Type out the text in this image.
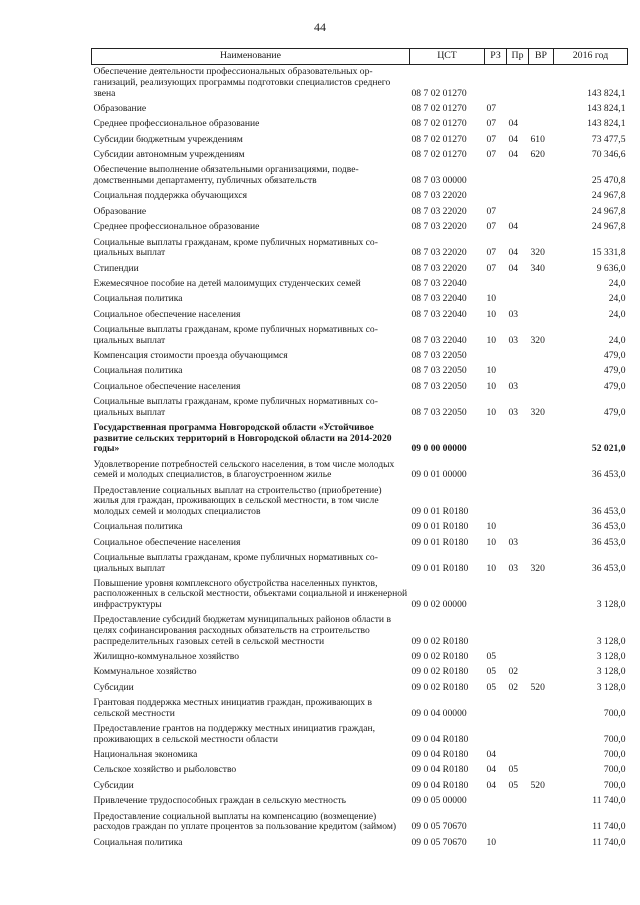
44
Наименование	ЦСТ	РЗ	Пр	ВР	2016 год
Обеспечение деятельности профессиональных образовательных организаций, реализующих программы подготовки специалистов среднего звена	08 7 02 01270				143 824,1
Образование	08 7 02 01270	07			143 824,1
Среднее профессиональное образование	08 7 02 01270	07	04		143 824,1
Субсидии бюджетным учреждениям	08 7 02 01270	07	04	610	73 477,5
Субсидии автономным учреждениям	08 7 02 01270	07	04	620	70 346,6
Обеспечение выполнение обязательными организациями, подведомственными департаменту, публичных обязательств	08 7 03 00000				25 470,8
Социальная поддержка обучающихся	08 7 03 22020				24 967,8
Образование	08 7 03 22020	07			24 967,8
Среднее профессиональное образование	08 7 03 22020	07	04		24 967,8
Социальные выплаты гражданам, кроме публичных нормативных социальных выплат	08 7 03 22020	07	04	320	15 331,8
Стипендии	08 7 03 22020	07	04	340	9 636,0
Ежемесячное пособие на детей малоимущих студенческих семей	08 7 03 22040				24,0
Социальная политика	08 7 03 22040	10			24,0
Социальное обеспечение населения	08 7 03 22040	10	03		24,0
Социальные выплаты гражданам, кроме публичных нормативных социальных выплат	08 7 03 22040	10	03	320	24,0
Компенсация стоимости проезда обучающимся	08 7 03 22050				479,0
Социальная политика	08 7 03 22050	10			479,0
Социальное обеспечение населения	08 7 03 22050	10	03		479,0
Социальные выплаты гражданам, кроме публичных нормативных социальных выплат	08 7 03 22050	10	03	320	479,0
Государственная программа Новгородской области «Устойчивое развитие сельских территорий в Новгородской области на 2014-2020 годы»	09 0 00 00000				52 021,0
Удовлетворение потребностей сельского населения, в том числе молодых семей и молодых специалистов, в благоустроенном жилье	09 0 01 00000				36 453,0
Предоставление социальных выплат на строительство (приобретение) жилья для граждан, проживающих в сельской местности, в том числе молодых семей и молодых специалистов	09 0 01 R0180				36 453,0
Социальная политика	09 0 01 R0180	10			36 453,0
Социальное обеспечение населения	09 0 01 R0180	10	03		36 453,0
Социальные выплаты гражданам, кроме публичных нормативных социальных выплат	09 0 01 R0180	10	03	320	36 453,0
Повышение уровня комплексного обустройства населенных пунктов, расположенных в сельской местности, объектами социальной и инженерной инфраструктуры	09 0 02 00000				3 128,0
Предоставление субсидий бюджетам муниципальных районов области в целях софинансирования расходных обязательств на строительство распределительных газовых сетей в сельской местности	09 0 02 R0180				3 128,0
Жилищно-коммунальное хозяйство	09 0 02 R0180	05			3 128,0
Коммунальное хозяйство	09 0 02 R0180	05	02		3 128,0
Субсидии	09 0 02 R0180	05	02	520	3 128,0
Грантовая поддержка местных инициатив граждан, проживающих в сельской местности	09 0 04 00000				700,0
Предоставление грантов на поддержку местных инициатив граждан, проживающих в сельской местности области	09 0 04 R0180				700,0
Национальная экономика	09 0 04 R0180	04			700,0
Сельское хозяйство и рыболовство	09 0 04 R0180	04	05		700,0
Субсидии	09 0 04 R0180	04	05	520	700,0
Привлечение трудоспособных граждан в сельскую местность	09 0 05 00000				11 740,0
Предоставление социальной выплаты на компенсацию (возмещение) расходов граждан по уплате процентов за пользование кредитом (займом)	09 0 05 70670				11 740,0
Социальная политика	09 0 05 70670	10			11 740,0
